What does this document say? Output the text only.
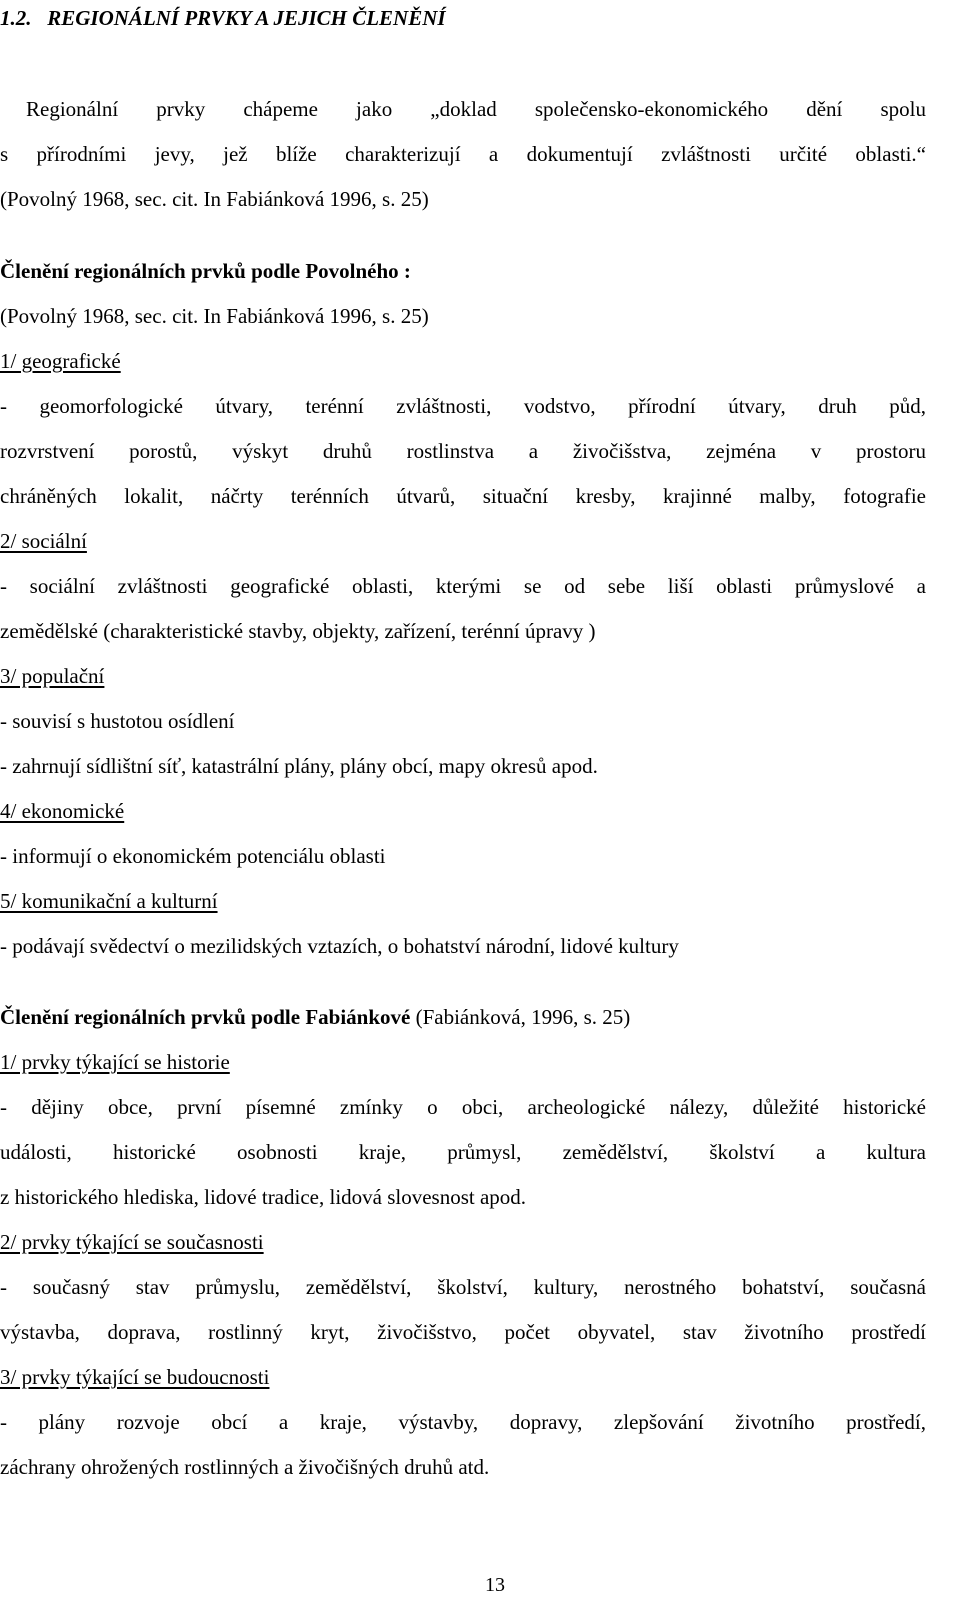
1.2. REGIONÁLNÍ PRVKY A JEJICH ČLENĚNÍ
Regionální prvky chápeme jako „doklad společensko-ekonomického dění spolu
s přírodními jevy, jež blíže charakterizují a dokumentují zvláštnosti určité oblasti.“
(Povolný 1968, sec. cit. In Fabiánková 1996, s. 25)
Členění regionálních prvků podle Povolného :
(Povolný 1968, sec. cit. In Fabiánková 1996, s. 25)
1/ geografické
- geomorfologické útvary, terénní zvláštnosti, vodstvo, přírodní útvary, druh půd,
rozvrstvení porostů, výskyt druhů rostlinstva a živočišstva, zejména v prostoru
chráněných lokalit, náčrty terénních útvarů, situační kresby, krajinné malby, fotografie
2/ sociální
- sociální zvláštnosti geografické oblasti, kterými se od sebe liší oblasti průmyslové a
zemědělské (charakteristické stavby, objekty, zařízení, terénní úpravy )
3/ populační
- souvisí s hustotou osídlení
- zahrnují sídlištní síť, katastrální plány, plány obcí, mapy okresů apod.
4/ ekonomické
- informují o ekonomickém potenciálu oblasti
5/ komunikační a kulturní
- podávají svědectví o mezilidských vztazích, o bohatství národní, lidové kultury
Členění regionálních prvků podle Fabiánkové (Fabiánková, 1996, s. 25)
1/ prvky týkající se historie
- dějiny obce, první písemné zmínky o obci, archeologické nálezy, důležité historické
události, historické osobnosti kraje, průmysl, zemědělství, školství a kultura
z historického hlediska, lidové tradice, lidová slovesnost apod.
2/ prvky týkající se současnosti
- současný stav průmyslu, zemědělství, školství, kultury, nerostného bohatství, současná
výstavba, doprava, rostlinný kryt, živočišstvo, počet obyvatel, stav životního prostředí
3/ prvky týkající se budoucnosti
- plány rozvoje obcí a kraje, výstavby, dopravy, zlepšování životního prostředí,
záchrany ohrožených rostlinných a živočišných druhů atd.
13
